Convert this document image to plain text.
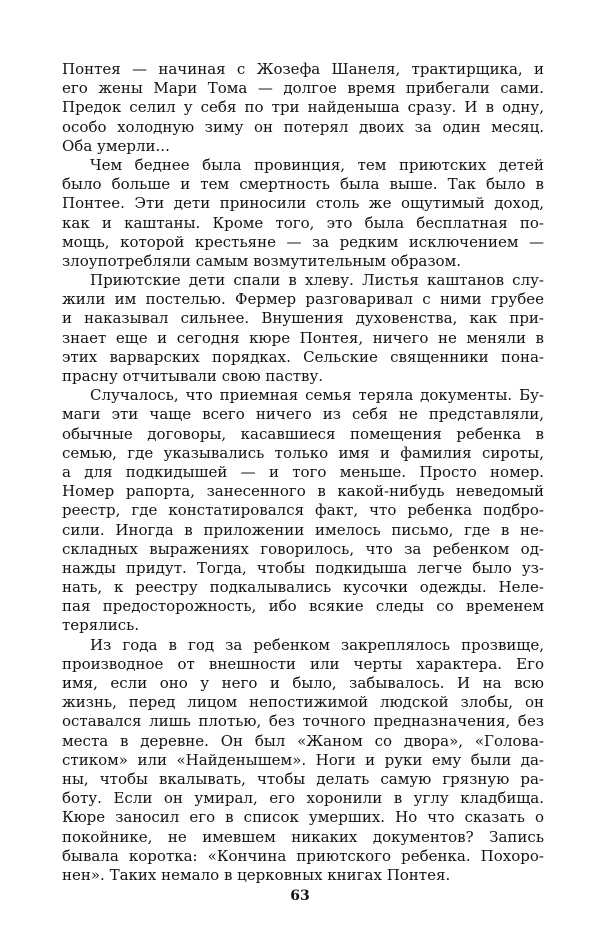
Понтея — начиная с Жозефа Шанеля, трактирщика, и
его жены Мари Тома — долгое время прибегали сами.
Предок селил у себя по три найденыша сразу. И в одну,
особо холодную зиму он потерял двоих за один месяц.
Оба умерли...
Чем беднее была провинция, тем приютских детей
было больше и тем смертность была выше. Так было в
Понтее. Эти дети приносили столь же ощутимый доход,
как и каштаны. Кроме того, это была бесплатная по-
мощь, которой крестьяне — за редким исключением —
злоупотребляли самым возмутительным образом.
Приютские дети спали в хлеву. Листья каштанов слу-
жили им постелью. Фермер разговаривал с ними грубее
и наказывал сильнее. Внушения духовенства, как при-
знает еще и сегодня кюре Понтея, ничего не меняли в
этих варварских порядках. Сельские священники пона-
прасну отчитывали свою паству.
Случалось, что приемная семья теряла документы. Бу-
маги эти чаще всего ничего из себя не представляли,
обычные договоры, касавшиеся помещения ребенка в
семью, где указывались только имя и фамилия сироты,
а для подкидышей — и того меньше. Просто номер.
Номер рапорта, занесенного в какой-нибудь неведомый
реестр, где констатировался факт, что ребенка подбро-
сили. Иногда в приложении имелось письмо, где в не-
складных выражениях говорилось, что за ребенком од-
нажды придут. Тогда, чтобы подкидыша легче было уз-
нать, к реестру подкалывались кусочки одежды. Неле-
пая предосторожность, ибо всякие следы со временем
терялись.
Из года в год за ребенком закреплялось прозвище,
производное от внешности или черты характера. Его
имя, если оно у него и было, забывалось. И на всю
жизнь, перед лицом непостижимой людской злобы, он
оставался лишь плотью, без точного предназначения, без
места в деревне. Он был «Жаном со двора», «Голова-
стиком» или «Найденышем». Ноги и руки ему были да-
ны, чтобы вкалывать, чтобы делать самую грязную ра-
боту. Если он умирал, его хоронили в углу кладбища.
Кюре заносил его в список умерших. Но что сказать о
покойнике, не имевшем никаких документов? Запись
бывала коротка: «Кончина приютского ребенка. Похоро-
нен». Таких немало в церковных книгах Понтея.
63
